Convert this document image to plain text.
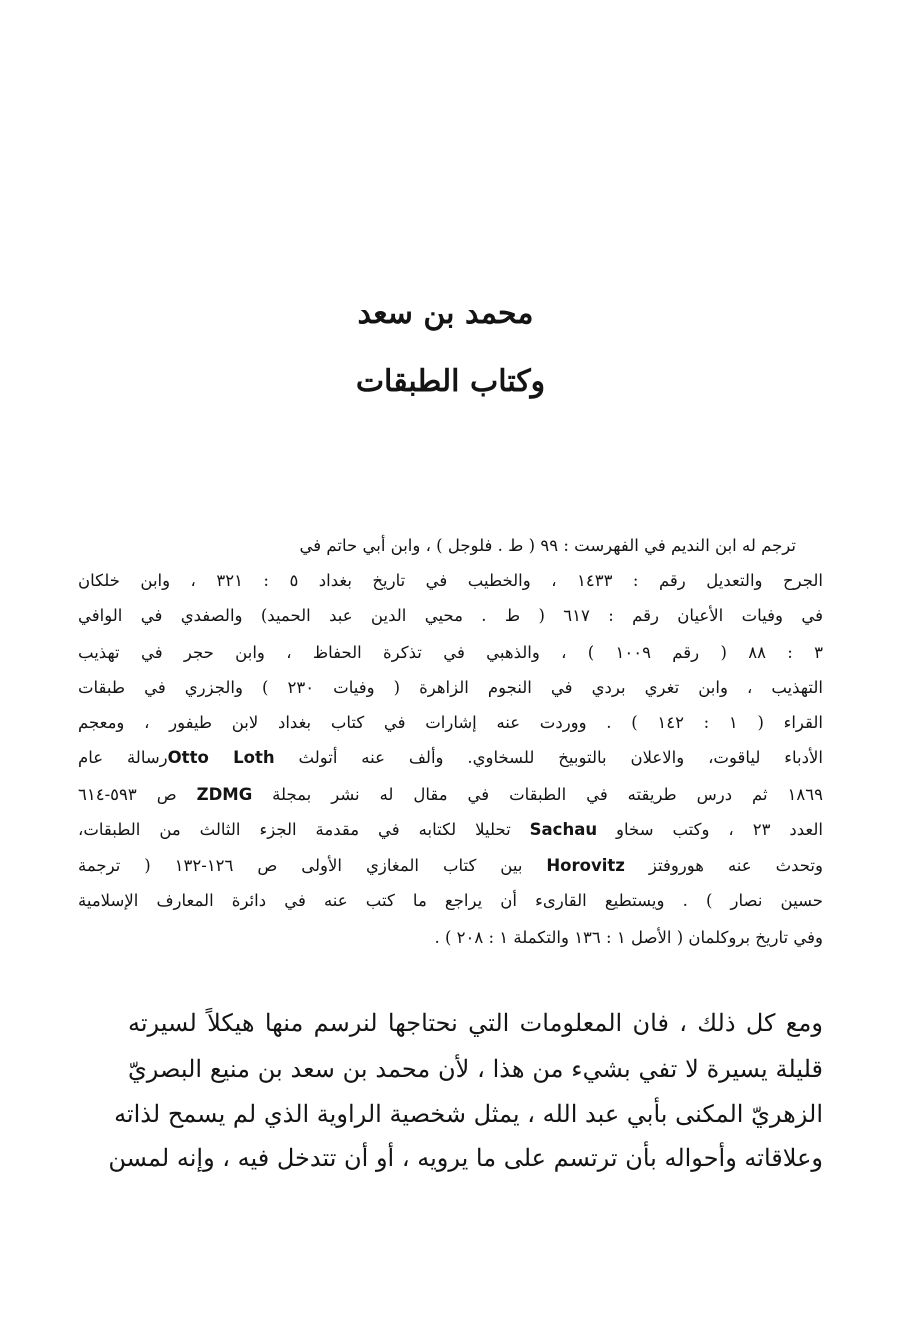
محمد بن سعد
وكتاب الطبقات

ترجم له ابن النديم في الفهرست : ٩٩ ( ط . فلوجل ) ، وابن أبي حاتم في

الجرح والتعديل رقم : ١٤٣٣ ، والخطيب في تاريخ بغداد ٥ : ٣٢١ ، وابن خلكان

في وفيات الأعيان رقم : ٦١٧ ( ط . محيي الدين عبد الحميد) والصفدي في الوافي

٣ : ٨٨ ( رقم ١٠٠٩ ) ، والذهبي في تذكرة الحفاظ ، وابن حجر في تهذيب

التهذيب ، وابن تغري بردي في النجوم الزاهرة ( وفيات ٢٣٠ ) والجزري في طبقات

القراء ( ١ : ١٤٢ ) . ووردت عنه إشارات في كتاب بغداد لابن طيفور ، ومعجم

الأدباء لياقوت، والاعلان بالتوبيخ للسخاوي. وألف عنه أتولث Otto Lothرسالة عام

١٨٦٩ ثم درس طريقته في الطبقات في مقال له نشر بمجلة ZDMG ص ٥٩٣-٦١٤

العدد ٢٣ ، وكتب سخاو Sachau تحليلا لكتابه في مقدمة الجزء الثالث من الطبقات،

وتحدث عنه هوروفتز Horovitz بين كتاب المغازي الأولى ص ١٢٦-١٣٢ ( ترجمة

حسين نصار ) . ويستطيع القارىء أن يراجع ما كتب عنه في دائرة المعارف الإسلامية

وفي تاريخ بروكلمان ( الأصل ١ : ١٣٦ والتكملة ١ : ٢٠٨ ) .

ومع كل ذلك ، فان المعلومات التي نحتاجها لنرسم منها هيكلاً لسيرته

قليلة يسيرة لا تفي بشيء من هذا ، لأن محمد بن سعد بن منيع البصريّ

الزهريّ المكنى بأبي عبد الله ، يمثل شخصية الراوية الذي لم يسمح لذاته

وعلاقاته وأحواله بأن ترتسم على ما يرويه ، أو أن تتدخل فيه ، وإنه لمسن
